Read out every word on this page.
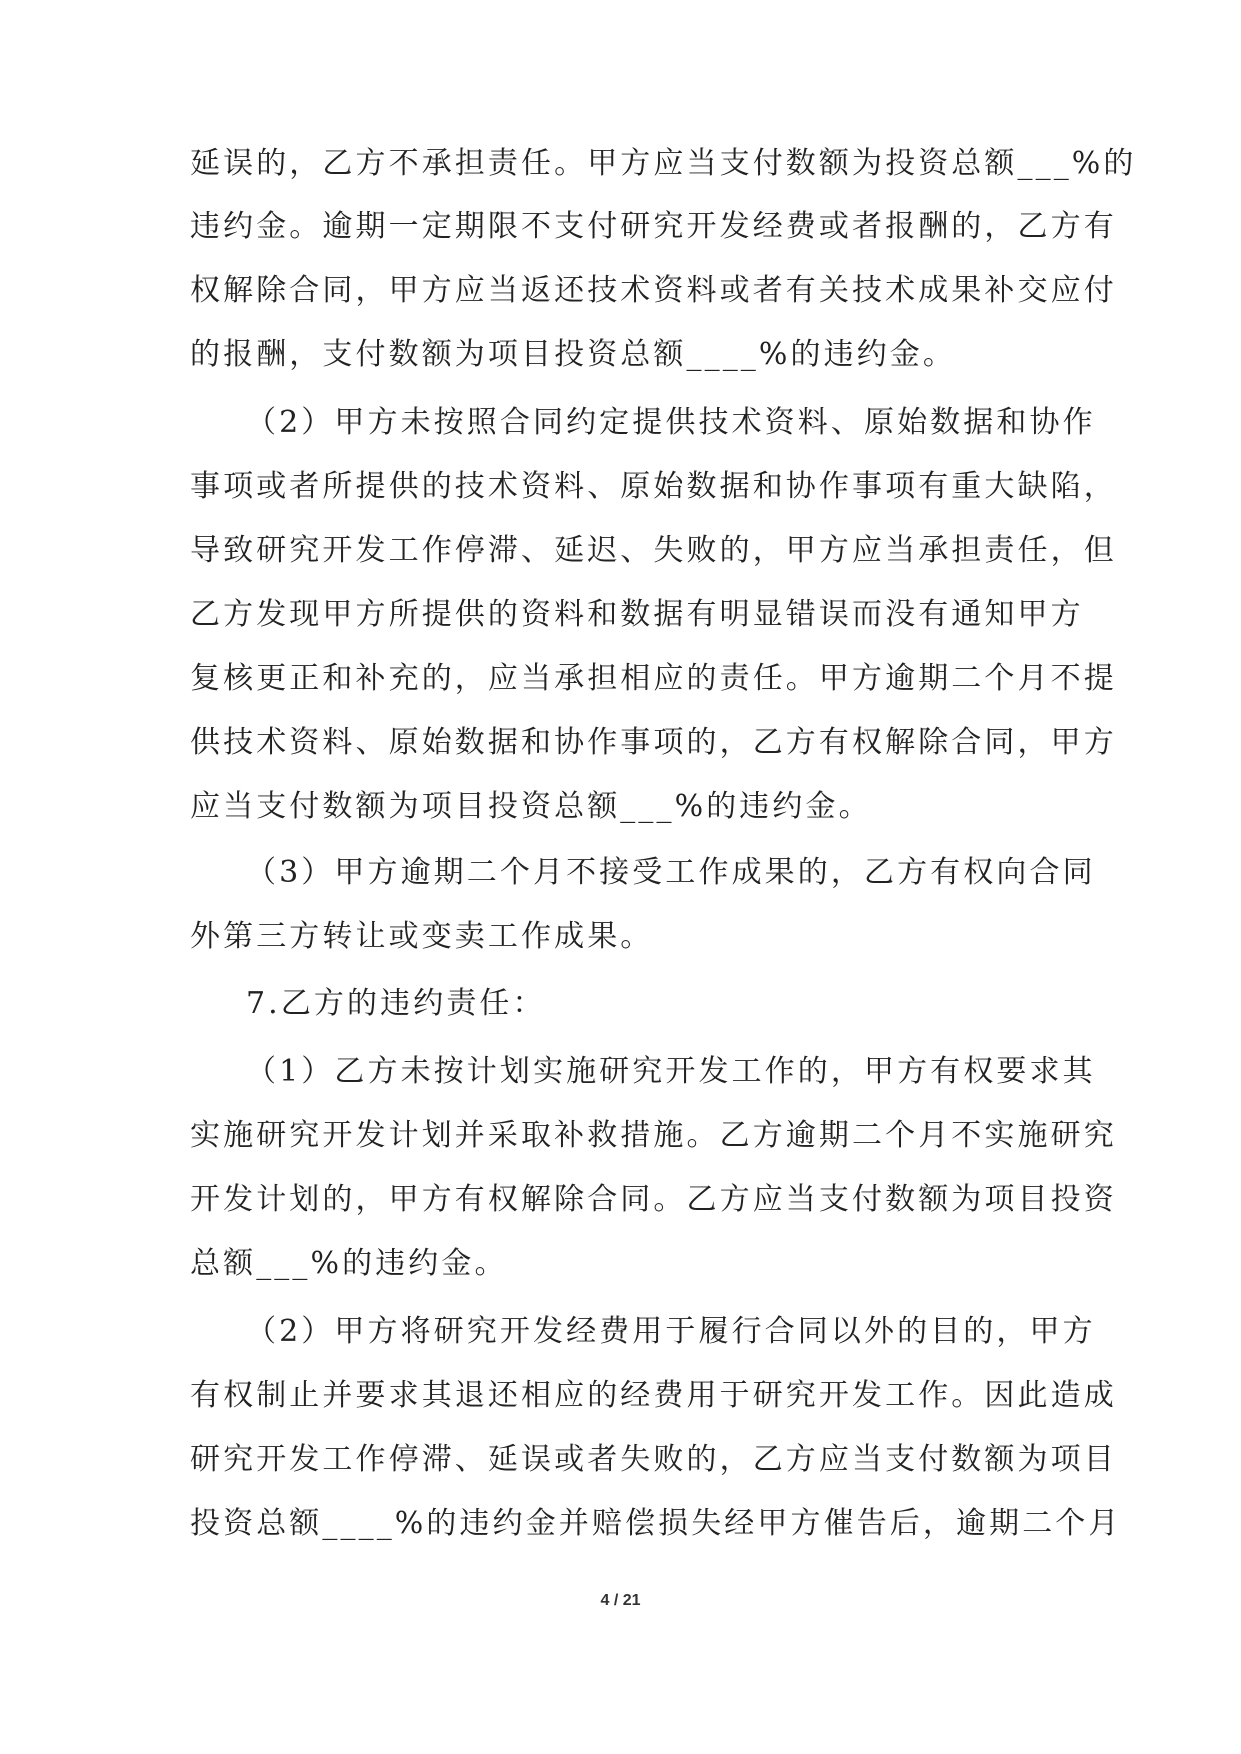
延误的，乙方不承担责任。甲方应当支付数额为投资总额___%的
违约金。逾期一定期限不支付研究开发经费或者报酬的，乙方有
权解除合同，甲方应当返还技术资料或者有关技术成果补交应付
的报酬，支付数额为项目投资总额____%的违约金。
（2）甲方未按照合同约定提供技术资料、原始数据和协作
事项或者所提供的技术资料、原始数据和协作事项有重大缺陷，
导致研究开发工作停滞、延迟、失败的，甲方应当承担责任，但
乙方发现甲方所提供的资料和数据有明显错误而没有通知甲方
复核更正和补充的，应当承担相应的责任。甲方逾期二个月不提
供技术资料、原始数据和协作事项的，乙方有权解除合同，甲方
应当支付数额为项目投资总额___%的违约金。
（3）甲方逾期二个月不接受工作成果的，乙方有权向合同
外第三方转让或变卖工作成果。
7.乙方的违约责任：
（1）乙方未按计划实施研究开发工作的，甲方有权要求其
实施研究开发计划并采取补救措施。乙方逾期二个月不实施研究
开发计划的，甲方有权解除合同。乙方应当支付数额为项目投资
总额___%的违约金。
（2）甲方将研究开发经费用于履行合同以外的目的，甲方
有权制止并要求其退还相应的经费用于研究开发工作。因此造成
研究开发工作停滞、延误或者失败的，乙方应当支付数额为项目
投资总额____%的违约金并赔偿损失经甲方催告后，逾期二个月
4 / 21
